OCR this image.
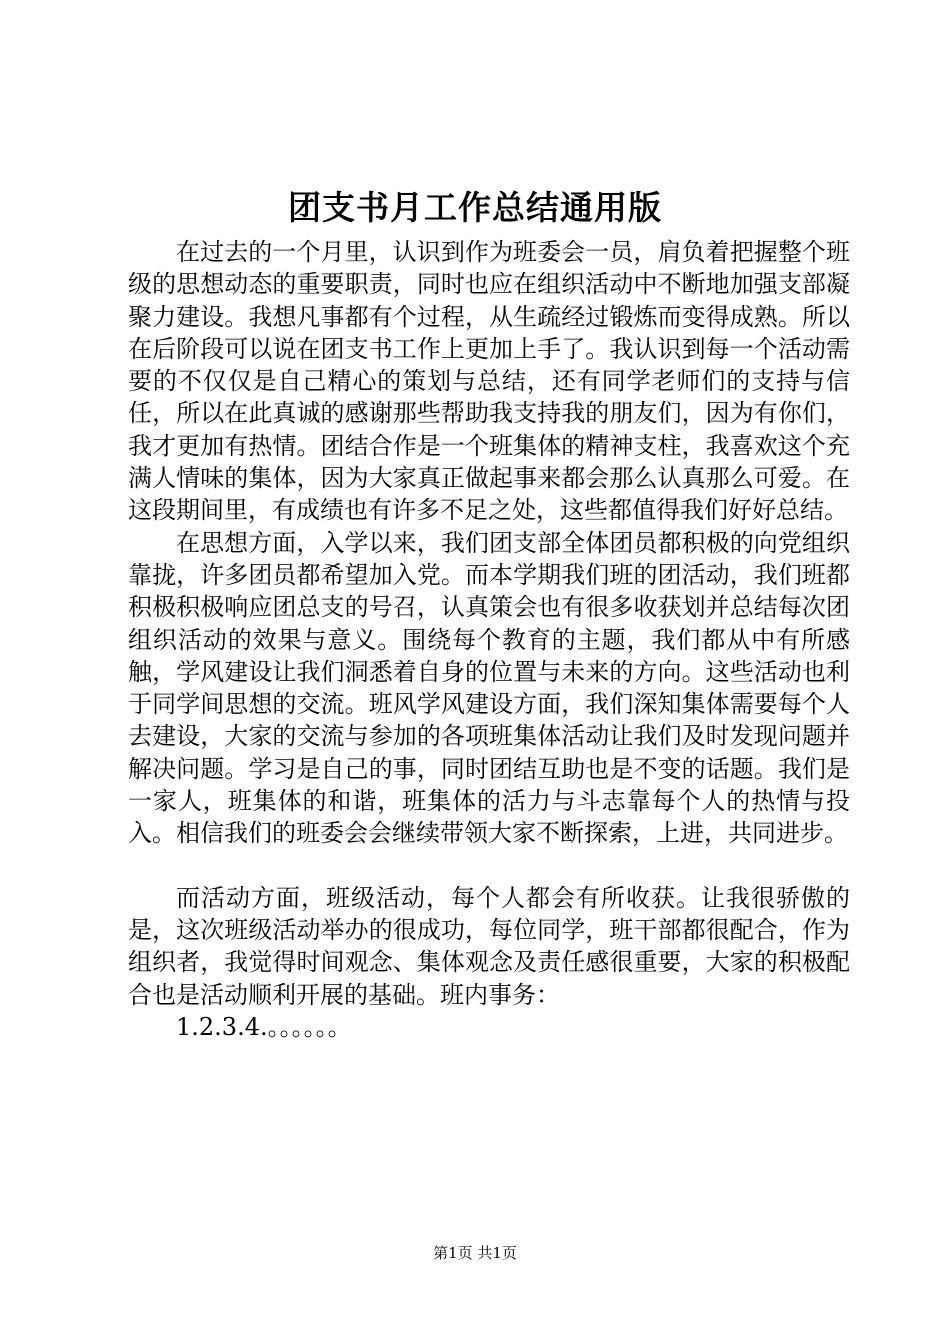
团支书月工作总结通用版

在过去的一个月里，认识到作为班委会一员，肩负着把握整个班级的思想动态的重要职责，同时也应在组织活动中不断地加强支部凝聚力建设。我想凡事都有个过程，从生疏经过锻炼而变得成熟。所以在后阶段可以说在团支书工作上更加上手了。我认识到每一个活动需要的不仅仅是自己精心的策划与总结，还有同学老师们的支持与信任，所以在此真诚的感谢那些帮助我支持我的朋友们，因为有你们，我才更加有热情。团结合作是一个班集体的精神支柱，我喜欢这个充满人情味的集体，因为大家真正做起事来都会那么认真那么可爱。在这段期间里，有成绩也有许多不足之处，这些都值得我们好好总结。

在思想方面，入学以来，我们团支部全体团员都积极的向党组织靠拢，许多团员都希望加入党。而本学期我们班的团活动，我们班都积极积极响应团总支的号召，认真策会也有很多收获划并总结每次团组织活动的效果与意义。围绕每个教育的主题，我们都从中有所感触，学风建设让我们洞悉着自身的位置与未来的方向。这些活动也利于同学间思想的交流。班风学风建设方面，我们深知集体需要每个人去建设，大家的交流与参加的各项班集体活动让我们及时发现问题并解决问题。学习是自己的事，同时团结互助也是不变的话题。我们是一家人，班集体的和谐，班集体的活力与斗志靠每个人的热情与投入。相信我们的班委会会继续带领大家不断探索，上进，共同进步。

而活动方面，班级活动，每个人都会有所收获。让我很骄傲的是，这次班级活动举办的很成功，每位同学，班干部都很配合，作为组织者，我觉得时间观念、集体观念及责任感很重要，大家的积极配合也是活动顺利开展的基础。班内事务：

1.2.3.4.。。。。。。

第1页 共1页
